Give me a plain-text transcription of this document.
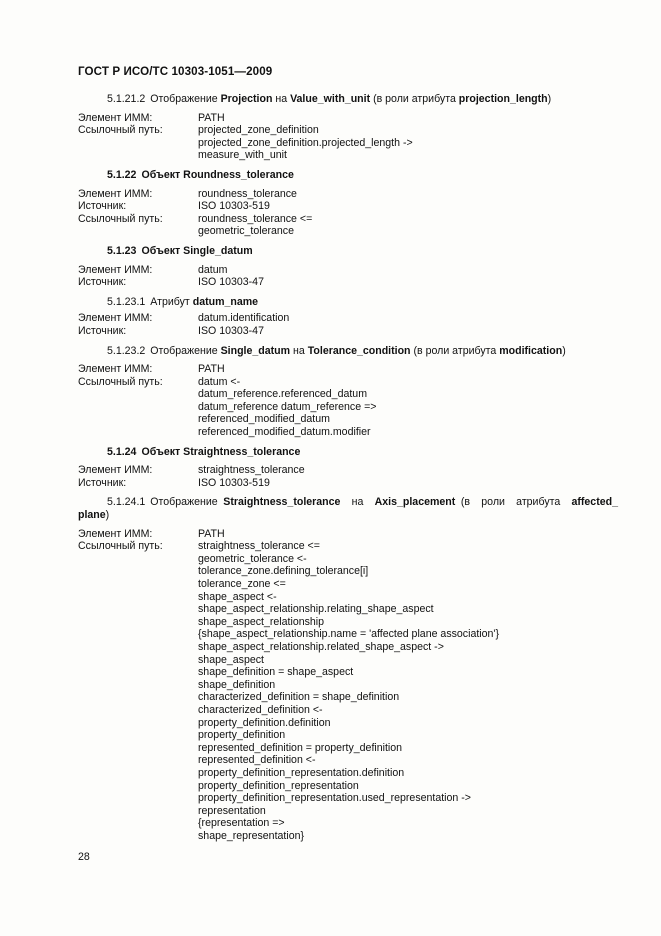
ГОСТ Р ИСО/ТС 10303-1051—2009
5.1.21.2 Отображение Projection на Value_with_unit (в роли атрибута projection_length)
Элемент ИММ:	PATH
Ссылочный путь:	projected_zone_definition
projected_zone_definition.projected_length ->
measure_with_unit
5.1.22 Объект Roundness_tolerance
Элемент ИММ:	roundness_tolerance
Источник:	ISO 10303-519
Ссылочный путь:	roundness_tolerance <=
geometric_tolerance
5.1.23 Объект Single_datum
Элемент ИММ:	datum
Источник:	ISO 10303-47
5.1.23.1 Атрибут datum_name
Элемент ИММ:	datum.identification
Источник:	ISO 10303-47
5.1.23.2 Отображение Single_datum на Tolerance_condition (в роли атрибута modification)
Элемент ИММ:	PATH
Ссылочный путь:	datum <-
datum_reference.referenced_datum
datum_reference datum_reference =>
referenced_modified_datum
referenced_modified_datum.modifier
5.1.24 Объект Straightness_tolerance
Элемент ИММ:	straightness_tolerance
Источник:	ISO 10303-519
5.1.24.1 Отображение Straightness_tolerance  на  Axis_placement (в  роли  атрибута  affected_ plane)
Элемент ИММ:	PATH
Ссылочный путь:	straightness_tolerance <=
geometric_tolerance <-
tolerance_zone.defining_tolerance[i]
tolerance_zone <=
shape_aspect <-
shape_aspect_relationship.relating_shape_aspect
shape_aspect_relationship
{shape_aspect_relationship.name = 'affected plane association'}
shape_aspect_relationship.related_shape_aspect ->
shape_aspect
shape_definition = shape_aspect
shape_definition
characterized_definition = shape_definition
characterized_definition <-
property_definition.definition
property_definition
represented_definition = property_definition
represented_definition <-
property_definition_representation.definition
property_definition_representation
property_definition_representation.used_representation ->
representation
{representation =>
shape_representation}
28
